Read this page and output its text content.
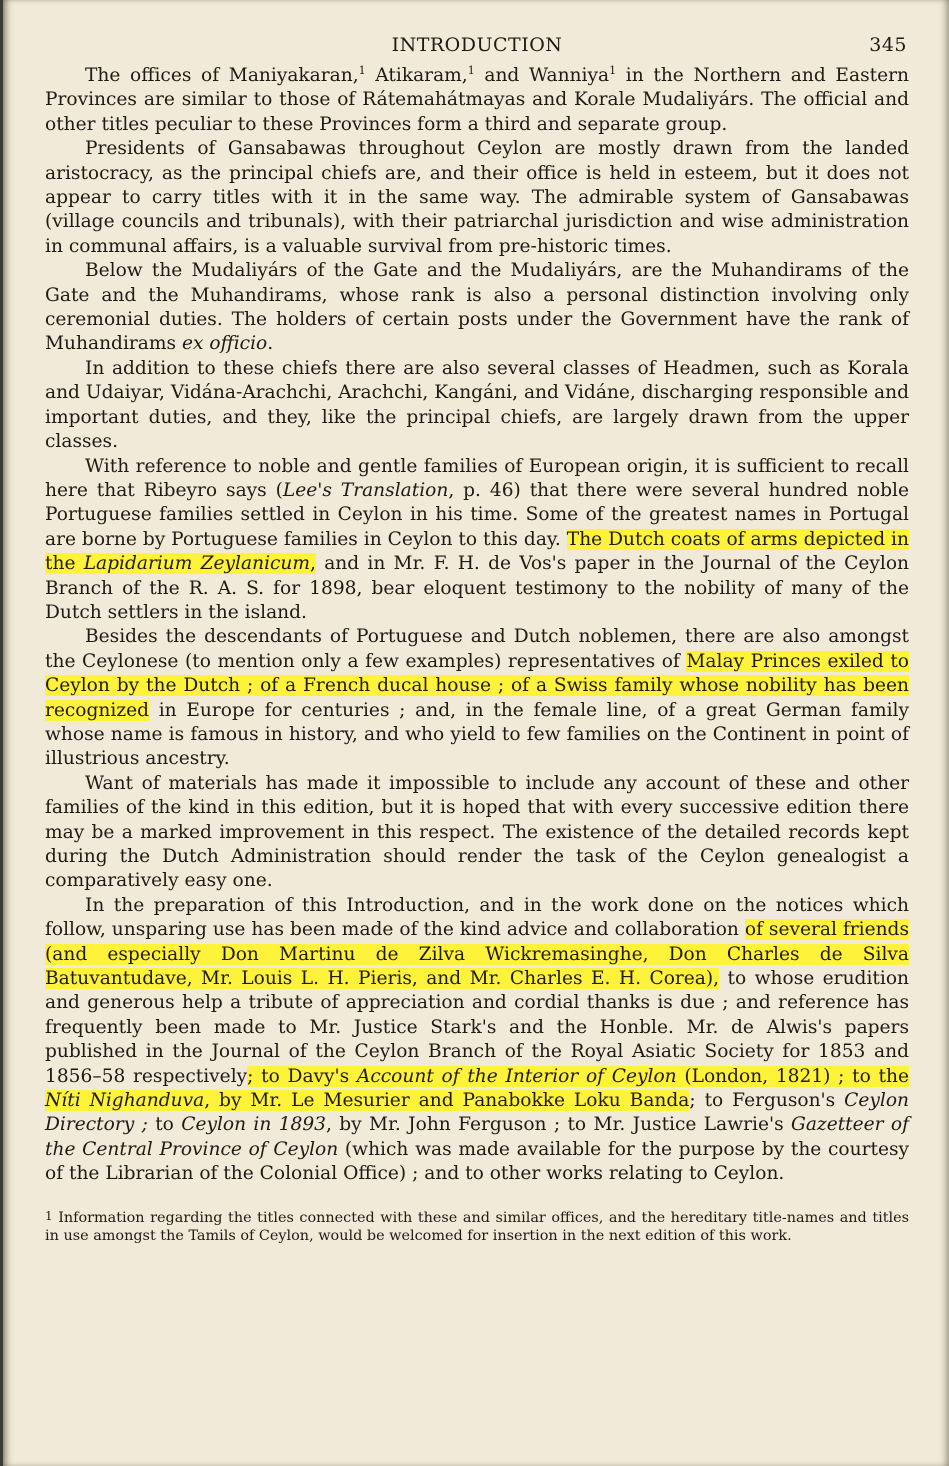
INTRODUCTION	345

The offices of Maniyakaran,$^1$ Atikaram,$^1$ and Wanniya$^1$ in the Northern and Eastern Provinces are similar to those of Rátemahátmayas and Korale Mudaliyárs. The official and other titles peculiar to these Provinces form a third and separate group.

Presidents of Gansabawas throughout Ceylon are mostly drawn from the landed aristocracy, as the principal chiefs are, and their office is held in esteem, but it does not appear to carry titles with it in the same way. The admirable system of Gansabawas (village councils and tribunals), with their patriarchal jurisdiction and wise administration in communal affairs, is a valuable survival from pre-historic times.

Below the Mudaliyárs of the Gate and the Mudaliyárs, are the Muhandirams of the Gate and the Muhandirams, whose rank is also a personal distinction involving only ceremonial duties. The holders of certain posts under the Government have the rank of Muhandirams ex officio.

In addition to these chiefs there are also several classes of Headmen, such as Korala and Udaiyar, Vidána-Arachchi, Arachchi, Kangáni, and Vidáne, discharging responsible and important duties, and they, like the principal chiefs, are largely drawn from the upper classes.

With reference to noble and gentle families of European origin, it is sufficient to recall here that Ribeyro says (Lee's Translation, p. 46) that there were several hundred noble Portuguese families settled in Ceylon in his time. Some of the greatest names in Portugal are borne by Portuguese families in Ceylon to this day. The Dutch coats of arms depicted in the Lapidarium Zeylanicum, and in Mr. F. H. de Vos's paper in the Journal of the Ceylon Branch of the R. A. S. for 1898, bear eloquent testimony to the nobility of many of the Dutch settlers in the island.

Besides the descendants of Portuguese and Dutch noblemen, there are also amongst the Ceylonese (to mention only a few examples) representatives of Malay Princes exiled to Ceylon by the Dutch ; of a French ducal house ; of a Swiss family whose nobility has been recognized in Europe for centuries ; and, in the female line, of a great German family whose name is famous in history, and who yield to few families on the Continent in point of illustrious ancestry.

Want of materials has made it impossible to include any account of these and other families of the kind in this edition, but it is hoped that with every successive edition there may be a marked improvement in this respect. The existence of the detailed records kept during the Dutch Administration should render the task of the Ceylon genealogist a comparatively easy one.

In the preparation of this Introduction, and in the work done on the notices which follow, unsparing use has been made of the kind advice and collaboration of several friends (and especially Don Martinu de Zilva Wickremasinghe, Don Charles de Silva Batuvantudave, Mr. Louis L. H. Pieris, and Mr. Charles E. H. Corea), to whose erudition and generous help a tribute of appreciation and cordial thanks is due ; and reference has frequently been made to Mr. Justice Stark's and the Honble. Mr. de Alwis's papers published in the Journal of the Ceylon Branch of the Royal Asiatic Society for 1853 and 1856–58 respectively; to Davy's Account of the Interior of Ceylon (London, 1821) ; to the Níti Nighanduva, by Mr. Le Mesurier and Panabokke Loku Banda; to Ferguson's Ceylon Directory ; to Ceylon in 1893, by Mr. John Ferguson ; to Mr. Justice Lawrie's Gazetteer of the Central Province of Ceylon (which was made available for the purpose by the courtesy of the Librarian of the Colonial Office) ; and to other works relating to Ceylon.

1 Information regarding the titles connected with these and similar offices, and the hereditary title-names and titles in use amongst the Tamils of Ceylon, would be welcomed for insertion in the next edition of this work.
